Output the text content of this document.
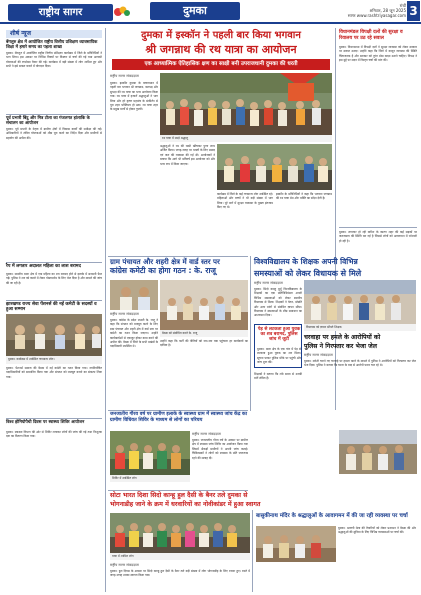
राष्ट्रीय सागर	दुमका	रांची
शनिवार, 28 जून 2025
सागर www.rashtriyasagar.com 3
शीर्ष न्यूज
बेंगलुरु क्षेत्र में आयोजित राष्ट्रीय वित्तीय प्रशिक्षण व्यावसायिक शिक्षा में हमारे समय का पहला शाखा
दुमका: बेंगलुरु में आयोजित राष्ट्रीय वित्तीय प्रशिक्षण कार्यक्रम में जिले के प्रतिनिधियों ने भाग लिया। इस अवसर पर विभिन्न विषयों पर विस्तार से चर्चा की गई तथा आगामी योजनाओं की रूपरेखा तैयार की गई। कार्यक्रम में बड़ी संख्या में लोग शामिल हुए और सभी ने इसे सफल बनाने में योगदान दिया।
पूर्व प्रभारी बिंदु और मित्र टोला का गंजलगत हांलाकि के संचालन का आयोजन
दुमका: पूर्व प्रभारी के नेतृत्व में ग्रामीण क्षेत्रों में विकास कार्यों की समीक्षा की गई। अधिकारियों ने लंबित योजनाओं को शीघ्र पूरा करने का निर्देश दिया और ग्रामीणों से सहयोग की अपील की।
रैप में लगतार अदालत महिला का लाश बरामद
दुमका: स्थानीय थाना क्षेत्र में एक महिला का शव बरामद होने से इलाके में सनसनी फैल गई। पुलिस ने शव को कब्जे में लेकर पोस्टमार्टम के लिए भेज दिया है और मामले की जांच की जा रही है।
झारखण्ड राज्य सेवा पेंशनर्स की नई कमेटी के सदस्यों व हुआ सम्मान
दुमका: कार्यक्रम में उपस्थित गणमान्य लोग।
दुमका: पेंशनर्स समाज की बैठक में नई कमेटी का गठन किया गया। नवनिर्वाचित पदाधिकारियों को सम्मानित किया गया और संगठन को मजबूत बनाने का संकल्प लिया गया।
विश्व होमियोपैथी दिवस पर स्वास्थ्य शिविर आयोजन
दुमका: स्वास्थ्य विभाग की ओर से शिविर लगाकर लोगों की जांच की गई तथा निःशुल्क दवा का वितरण किया गया।
दुमका में इस्कॉन ने पहली बार किया भगवान
श्री जगन्नाथ की रथ यात्रा का आयोजन
एक आध्यात्मिक ऐतिहासिक क्षण का साक्षी बनी उपराजधानी दुमका की धरती
राष्ट्रीय सागर संवाददाता
दुमका: इस्कॉन दुमका के तत्वावधान में पहली बार भगवान श्री जगन्नाथ, बलभद्र और सुभद्रा की रथ यात्रा का भव्य आयोजन किया गया। रथ यात्रा में हजारों श्रद्धालुओं ने भाग लिया और हरे कृष्ण महामंत्र के संकीर्तन से पूरा शहर भक्तिमय हो उठा। रथ यात्रा शहर के प्रमुख मार्गों से होकर गुजरी।
रथ यात्रा में उमड़े श्रद्धालु
श्रद्धालुओं ने रथ की रस्सी खींचकर पुण्य लाभ अर्जित किया। जगह-जगह पर भक्तों के लिए प्रसाद एवं जल की व्यवस्था की गई थी। आयोजकों ने बताया कि आगे भी प्रतिवर्ष इस आयोजन को और भव्य रूप में किया जाएगा।
कार्यक्रम में जिले के कई गणमान्य लोग उपस्थित रहे। महिलाओं और बच्चों ने भी बड़ी संख्या में भाग लिया। पूरे मार्ग में सुरक्षा व्यवस्था के पुख्ता इंतजाम किए गए थे।
इस्कॉन के प्रतिनिधियों ने कहा कि भगवान जगन्नाथ की रथ यात्रा प्रेम और भक्ति का संदेश देती है।
ग्राम पंचायत और शहरी क्षेत्र में वार्ड स्तर पर
कांग्रेस कमेटी का होगा गठन : के. राजू
राष्ट्रीय सागर संवाददाता
दुमका: कांग्रेस के प्रदेश प्रभारी के. राजू ने कहा कि संगठन को मजबूत करने के लिए ग्राम पंचायत और शहरी क्षेत्र में वार्ड स्तर पर कमेटी का गठन किया जाएगा। उन्होंने कार्यकर्ताओं से एकजुट होकर काम करने की अपील की। बैठक में जिले के सभी प्रखंडों के पदाधिकारी उपस्थित थे।
बैठक को संबोधित करते के. राजू
उन्होंने कहा कि पार्टी की नीतियों को जन-जन तक पहुंचाना हर कार्यकर्ता का दायित्व है।
विश्वविद्यालय के शिक्षक अपनी विभिन्न
समस्याओं को लेकर विधायक से मिले
राष्ट्रीय सागर संवाददाता
दुमका: सिदो कान्हू मुर्मू विश्वविद्यालय के शिक्षकों का एक प्रतिनिधिमंडल अपनी विभिन्न समस्याओं को लेकर स्थानीय विधायक से मिला। शिक्षकों ने वेतन, प्रोन्नति और अन्य मांगों से संबंधित ज्ञापन सौंपा। विधायक ने समस्याओं के शीघ्र समाधान का आश्वासन दिया।
विधायक को ज्ञापन सौंपते शिक्षक
पेड़ से लटकता हुआ युवक का शव बरामद, पुलिस जांच में जुटी
दुमका: थाना क्षेत्र के एक गांव में पेड़ से लटकता हुआ युवक का शव मिला। सूचना पाकर पुलिस मौके पर पहुंची और जांच शुरू की।
शिक्षकों ने बताया कि लंबे समय से उनकी मांगें लंबित हैं।
चरवाहा पर हमले के आरोपियों को
पुलिस ने गिरफ्तार कर भेजा जेल
राष्ट्रीय सागर संवाददाता
दुमका: मवेशी चराने गए चरवाहे पर हमला करने के मामले में पुलिस ने आरोपियों को गिरफ्तार कर जेल भेज दिया। पुलिस ने बताया कि घटना के बाद से आरोपी फरार चल रहे थे।
जनजातीय गौरव वर्ष पर ग्रामीण इलाके के स्वास्थ्य ग्राम में स्वास्थ्य जांच केंद्र का ग्रामीण विधिवत शिविर के माध्यम से लोगों का परिचय
शिविर में उपस्थित लोग
राष्ट्रीय सागर संवाददाता
दुमका: जनजातीय गौरव वर्ष के अवसर पर ग्रामीण क्षेत्र में स्वास्थ्य जांच शिविर का आयोजन किया गया जिसमें सैकड़ों ग्रामीणों ने अपनी जांच कराई। चिकित्सकों ने लोगों को स्वास्थ्य के प्रति जागरूक रहने की सलाह दी।
विधानमंडल विपक्षी दलों की सुरक्षा व रिवालय पर उठ रहे सवाल
दुमका: विधानसभा में विपक्षी दलों ने सुरक्षा व्यवस्था को लेकर सरकार पर सवाल उठाए। उन्होंने कहा कि जिले में कानून व्यवस्था की स्थिति चिंताजनक है और सरकार को तुरंत ठोस कदम उठाने चाहिए। विपक्ष ने इस मुद्दे पर सदन में विस्तृत चर्चा की मांग की।
दुमका: लगातार हो रही बारिश के कारण शहर की कई सड़कों पर जलजमाव की स्थिति बन गई है जिससे लोगों को आवागमन में परेशानी हो रही है।
सोटा भारत दिशा सिदो कान्हू हुल दैसी के बैनर तले दुमका से
भोगनाडीह जाने के क्रम में धरवारियों का नोवीकांडर में हुआ स्वागत
यात्रा में शामिल लोग
राष्ट्रीय सागर संवाददाता
दुमका: हूल दिवस के अवसर पर सिदो कान्हू हुल दैसी के बैनर तले बड़ी संख्या में लोग भोगनाडीह के लिए रवाना हुए। रास्ते में जगह-जगह उनका स्वागत किया गया।
बासुकीनाथ मंदिर के श्रद्धालुओं के आवागमन में की जा रही व्यवस्था पर चर्चा
दुमका: श्रावणी मेला की तैयारियों को लेकर प्रशासन ने बैठक की और श्रद्धालुओं की सुविधा के लिए विभिन्न व्यवस्थाओं पर चर्चा की।
